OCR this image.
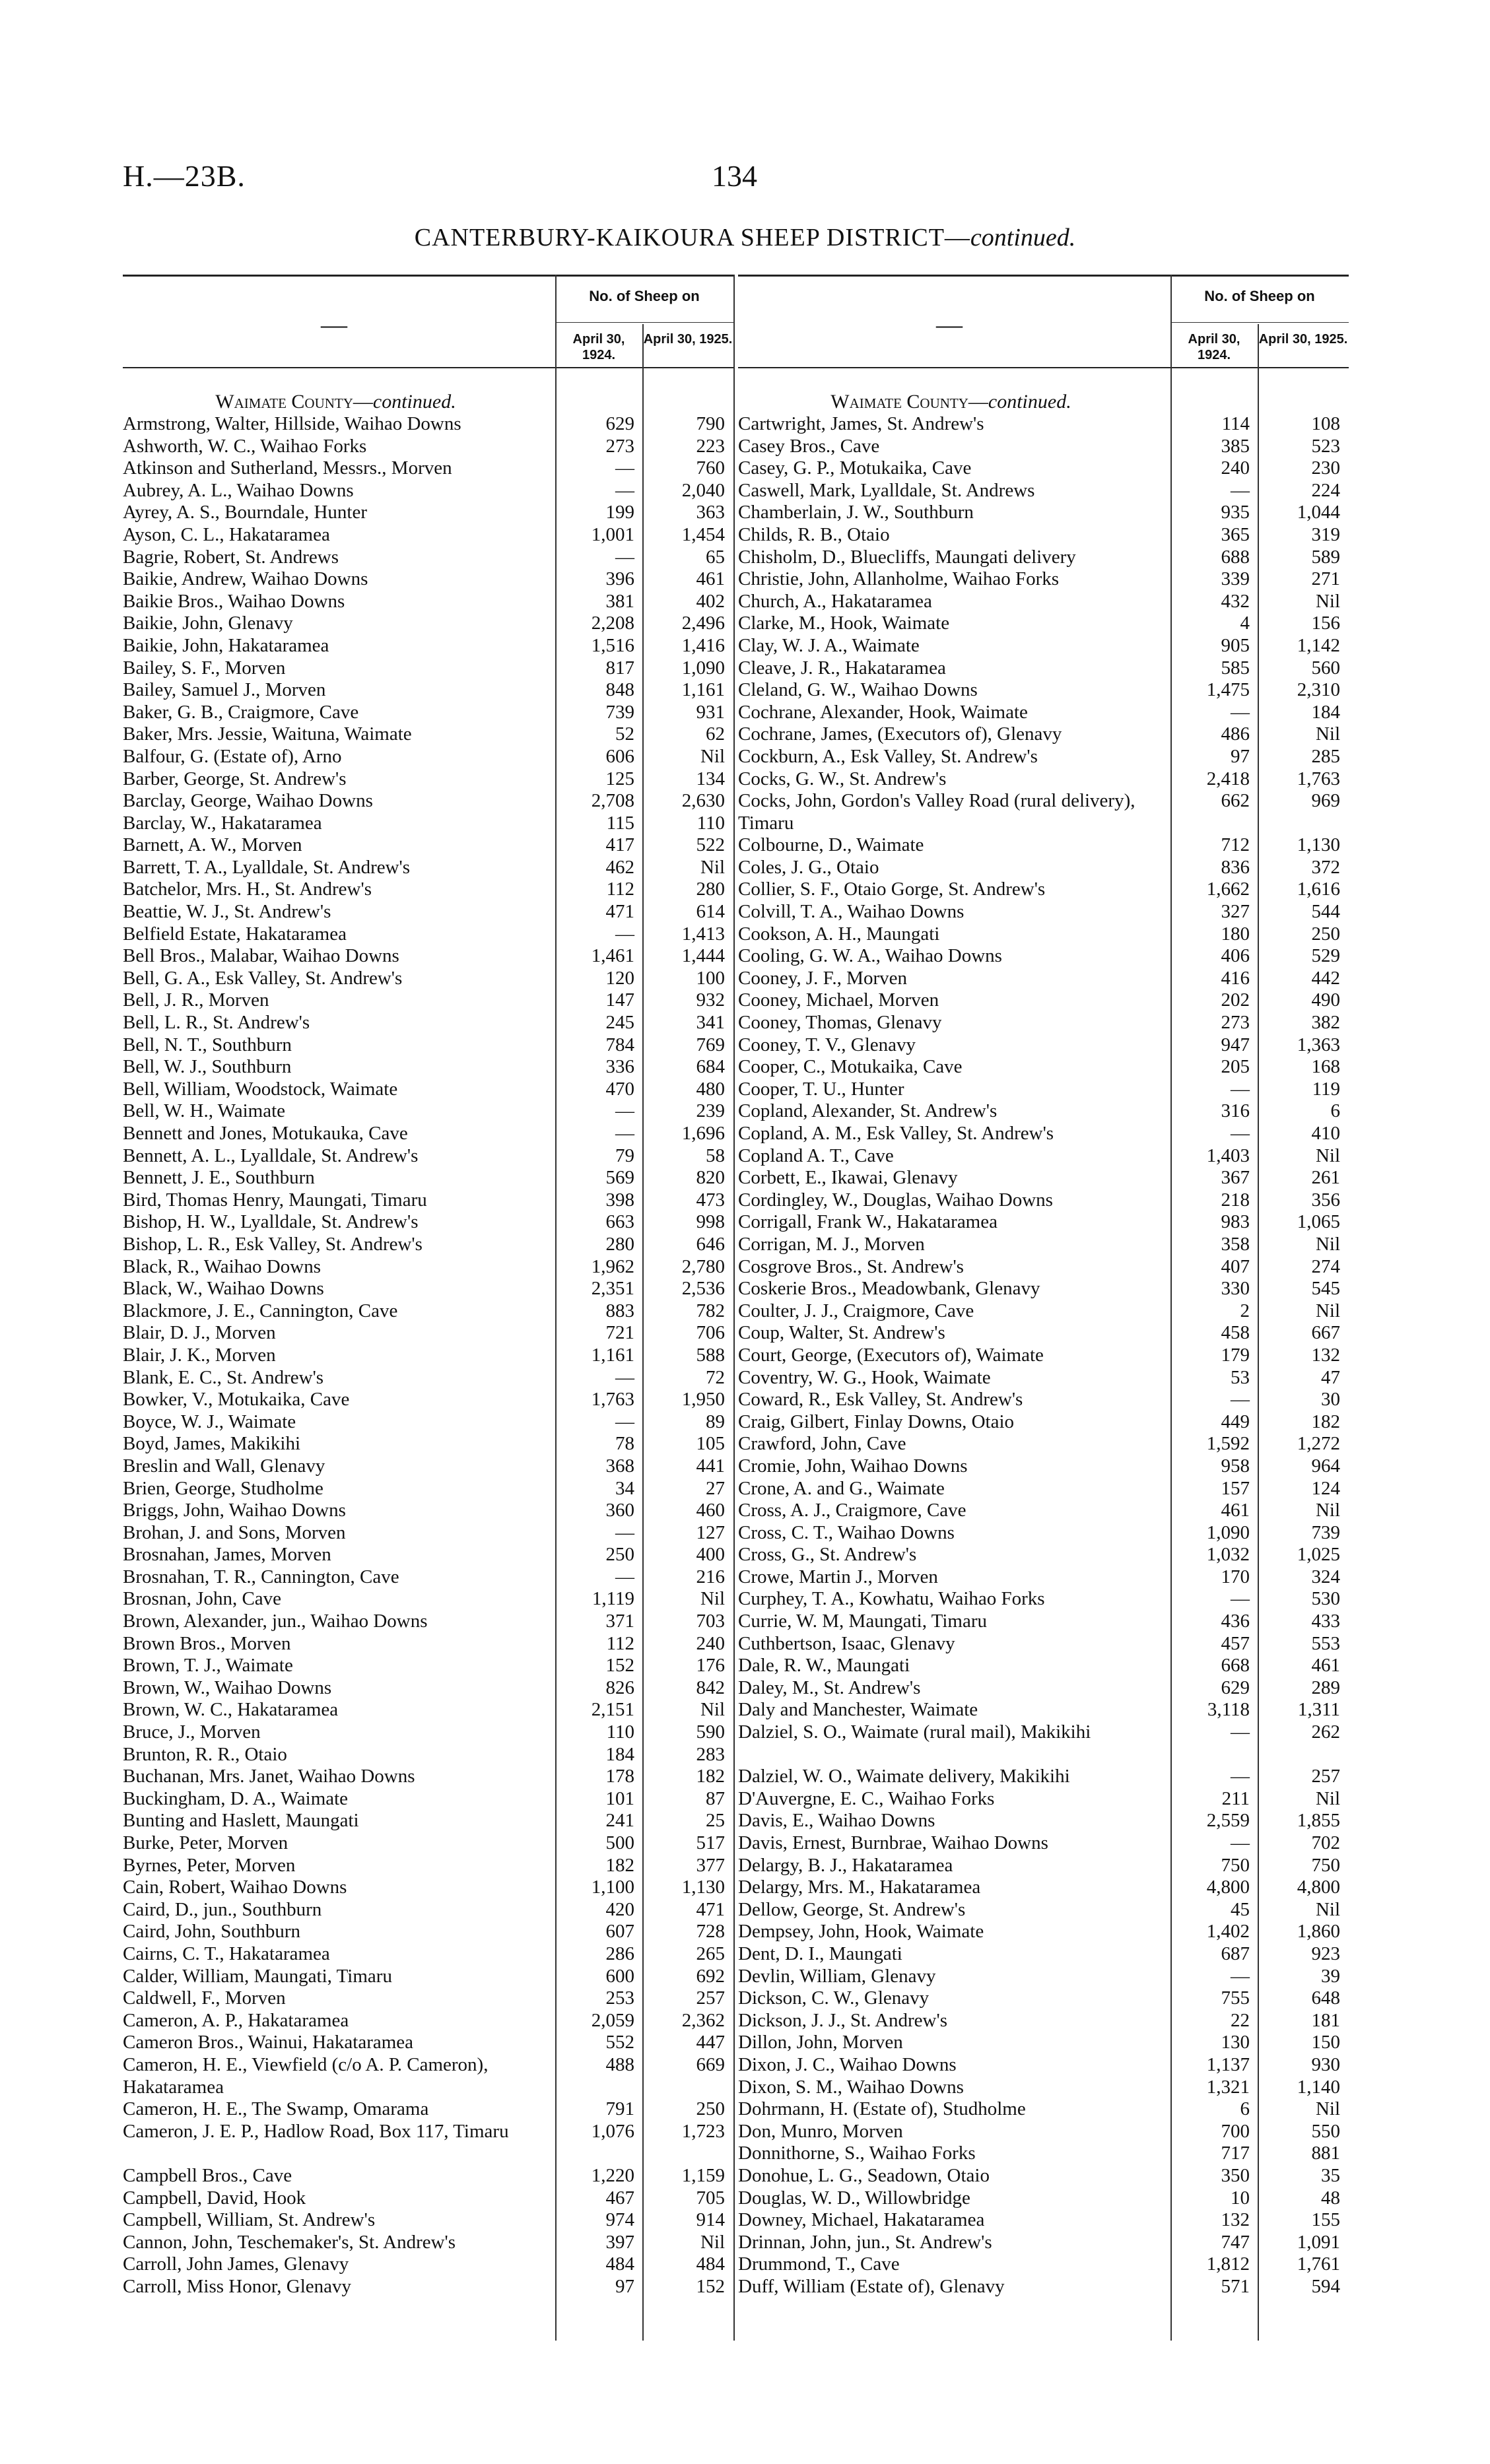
H.—23B.	134
CANTERBURY-KAIKOURA SHEEP DISTRICT—continued.
—
No. of Sheep on
April 30, 1924.
April 30, 1925.
Waimate County—continued.
Armstrong, Walter, Hillside, Waihao Downs	629	790
Ashworth, W. C., Waihao Forks	273	223
Atkinson and Sutherland, Messrs., Morven	—	760
Aubrey, A. L., Waihao Downs	—	2,040
Ayrey, A. S., Bourndale, Hunter	199	363
Ayson, C. L., Hakataramea	1,001	1,454
Bagrie, Robert, St. Andrews	—	65
Baikie, Andrew, Waihao Downs	396	461
Baikie Bros., Waihao Downs	381	402
Baikie, John, Glenavy	2,208	2,496
Baikie, John, Hakataramea	1,516	1,416
Bailey, S. F., Morven	817	1,090
Bailey, Samuel J., Morven	848	1,161
Baker, G. B., Craigmore, Cave	739	931
Baker, Mrs. Jessie, Waituna, Waimate	52	62
Balfour, G. (Estate of), Arno	606	Nil
Barber, George, St. Andrew's	125	134
Barclay, George, Waihao Downs	2,708	2,630
Barclay, W., Hakataramea	115	110
Barnett, A. W., Morven	417	522
Barrett, T. A., Lyalldale, St. Andrew's	462	Nil
Batchelor, Mrs. H., St. Andrew's	112	280
Beattie, W. J., St. Andrew's	471	614
Belfield Estate, Hakataramea	—	1,413
Bell Bros., Malabar, Waihao Downs	1,461	1,444
Bell, G. A., Esk Valley, St. Andrew's	120	100
Bell, J. R., Morven	147	932
Bell, L. R., St. Andrew's	245	341
Bell, N. T., Southburn	784	769
Bell, W. J., Southburn	336	684
Bell, William, Woodstock, Waimate	470	480
Bell, W. H., Waimate	—	239
Bennett and Jones, Motukauka, Cave	—	1,696
Bennett, A. L., Lyalldale, St. Andrew's	79	58
Bennett, J. E., Southburn	569	820
Bird, Thomas Henry, Maungati, Timaru	398	473
Bishop, H. W., Lyalldale, St. Andrew's	663	998
Bishop, L. R., Esk Valley, St. Andrew's	280	646
Black, R., Waihao Downs	1,962	2,780
Black, W., Waihao Downs	2,351	2,536
Blackmore, J. E., Cannington, Cave	883	782
Blair, D. J., Morven	721	706
Blair, J. K., Morven	1,161	588
Blank, E. C., St. Andrew's	—	72
Bowker, V., Motukaika, Cave	1,763	1,950
Boyce, W. J., Waimate	—	89
Boyd, James, Makikihi	78	105
Breslin and Wall, Glenavy	368	441
Brien, George, Studholme	34	27
Briggs, John, Waihao Downs	360	460
Brohan, J. and Sons, Morven	—	127
Brosnahan, James, Morven	250	400
Brosnahan, T. R., Cannington, Cave	—	216
Brosnan, John, Cave	1,119	Nil
Brown, Alexander, jun., Waihao Downs	371	703
Brown Bros., Morven	112	240
Brown, T. J., Waimate	152	176
Brown, W., Waihao Downs	826	842
Brown, W. C., Hakataramea	2,151	Nil
Bruce, J., Morven	110	590
Brunton, R. R., Otaio	184	283
Buchanan, Mrs. Janet, Waihao Downs	178	182
Buckingham, D. A., Waimate	101	87
Bunting and Haslett, Maungati	241	25
Burke, Peter, Morven	500	517
Byrnes, Peter, Morven	182	377
Cain, Robert, Waihao Downs	1,100	1,130
Caird, D., jun., Southburn	420	471
Caird, John, Southburn	607	728
Cairns, C. T., Hakataramea	286	265
Calder, William, Maungati, Timaru	600	692
Caldwell, F., Morven	253	257
Cameron, A. P., Hakataramea	2,059	2,362
Cameron Bros., Wainui, Hakataramea	552	447
Cameron, H. E., Viewfield (c/o A. P. Cameron), Hakataramea
488	669
Cameron, H. E., The Swamp, Omarama	791	250
Cameron, J. E. P., Hadlow Road, Box 117, Timaru	1,076	1,723
Campbell Bros., Cave	1,220	1,159
Campbell, David, Hook	467	705
Campbell, William, St. Andrew's	974	914
Cannon, John, Teschemaker's, St. Andrew's	397	Nil
Carroll, John James, Glenavy	484	484
Carroll, Miss Honor, Glenavy	97	152
—
No. of Sheep on
April 30, 1924.
April 30, 1925.
Waimate County—continued.
Cartwright, James, St. Andrew's	114	108
Casey Bros., Cave	385	523
Casey, G. P., Motukaika, Cave	240	230
Caswell, Mark, Lyalldale, St. Andrews	—	224
Chamberlain, J. W., Southburn	935	1,044
Childs, R. B., Otaio	365	319
Chisholm, D., Bluecliffs, Maungati delivery	688	589
Christie, John, Allanholme, Waihao Forks	339	271
Church, A., Hakataramea	432	Nil
Clarke, M., Hook, Waimate	4	156
Clay, W. J. A., Waimate	905	1,142
Cleave, J. R., Hakataramea	585	560
Cleland, G. W., Waihao Downs	1,475	2,310
Cochrane, Alexander, Hook, Waimate	—	184
Cochrane, James, (Executors of), Glenavy	486	Nil
Cockburn, A., Esk Valley, St. Andrew's	97	285
Cocks, G. W., St. Andrew's	2,418	1,763
Cocks, John, Gordon's Valley Road (rural delivery), Timaru
662	969
Colbourne, D., Waimate	712	1,130
Coles, J. G., Otaio	836	372
Collier, S. F., Otaio Gorge, St. Andrew's	1,662	1,616
Colvill, T. A., Waihao Downs	327	544
Cookson, A. H., Maungati	180	250
Cooling, G. W. A., Waihao Downs	406	529
Cooney, J. F., Morven	416	442
Cooney, Michael, Morven	202	490
Cooney, Thomas, Glenavy	273	382
Cooney, T. V., Glenavy	947	1,363
Cooper, C., Motukaika, Cave	205	168
Cooper, T. U., Hunter	—	119
Copland, Alexander, St. Andrew's	316	6
Copland, A. M., Esk Valley, St. Andrew's	—	410
Copland A. T., Cave	1,403	Nil
Corbett, E., Ikawai, Glenavy	367	261
Cordingley, W., Douglas, Waihao Downs	218	356
Corrigall, Frank W., Hakataramea	983	1,065
Corrigan, M. J., Morven	358	Nil
Cosgrove Bros., St. Andrew's	407	274
Coskerie Bros., Meadowbank, Glenavy	330	545
Coulter, J. J., Craigmore, Cave	2	Nil
Coup, Walter, St. Andrew's	458	667
Court, George, (Executors of), Waimate	179	132
Coventry, W. G., Hook, Waimate	53	47
Coward, R., Esk Valley, St. Andrew's	—	30
Craig, Gilbert, Finlay Downs, Otaio	449	182
Crawford, John, Cave	1,592	1,272
Cromie, John, Waihao Downs	958	964
Crone, A. and G., Waimate	157	124
Cross, A. J., Craigmore, Cave	461	Nil
Cross, C. T., Waihao Downs	1,090	739
Cross, G., St. Andrew's	1,032	1,025
Crowe, Martin J., Morven	170	324
Curphey, T. A., Kowhatu, Waihao Forks	—	530
Currie, W. M, Maungati, Timaru	436	433
Cuthbertson, Isaac, Glenavy	457	553
Dale, R. W., Maungati	668	461
Daley, M., St. Andrew's	629	289
Daly and Manchester, Waimate	3,118	1,311
Dalziel, S. O., Waimate (rural mail), Makikihi	—	262
Dalziel, W. O., Waimate delivery, Makikihi	—	257
D'Auvergne, E. C., Waihao Forks	211	Nil
Davis, E., Waihao Downs	2,559	1,855
Davis, Ernest, Burnbrae, Waihao Downs	—	702
Delargy, B. J., Hakataramea	750	750
Delargy, Mrs. M., Hakataramea	4,800	4,800
Dellow, George, St. Andrew's	45	Nil
Dempsey, John, Hook, Waimate	1,402	1,860
Dent, D. I., Maungati	687	923
Devlin, William, Glenavy	—	39
Dickson, C. W., Glenavy	755	648
Dickson, J. J., St. Andrew's	22	181
Dillon, John, Morven	130	150
Dixon, J. C., Waihao Downs	1,137	930
Dixon, S. M., Waihao Downs	1,321	1,140
Dohrmann, H. (Estate of), Studholme	6	Nil
Don, Munro, Morven	700	550
Donnithorne, S., Waihao Forks	717	881
Donohue, L. G., Seadown, Otaio	350	35
Douglas, W. D., Willowbridge	10	48
Downey, Michael, Hakataramea	132	155
Drinnan, John, jun., St. Andrew's	747	1,091
Drummond, T., Cave	1,812	1,761
Duff, William (Estate of), Glenavy	571	594
